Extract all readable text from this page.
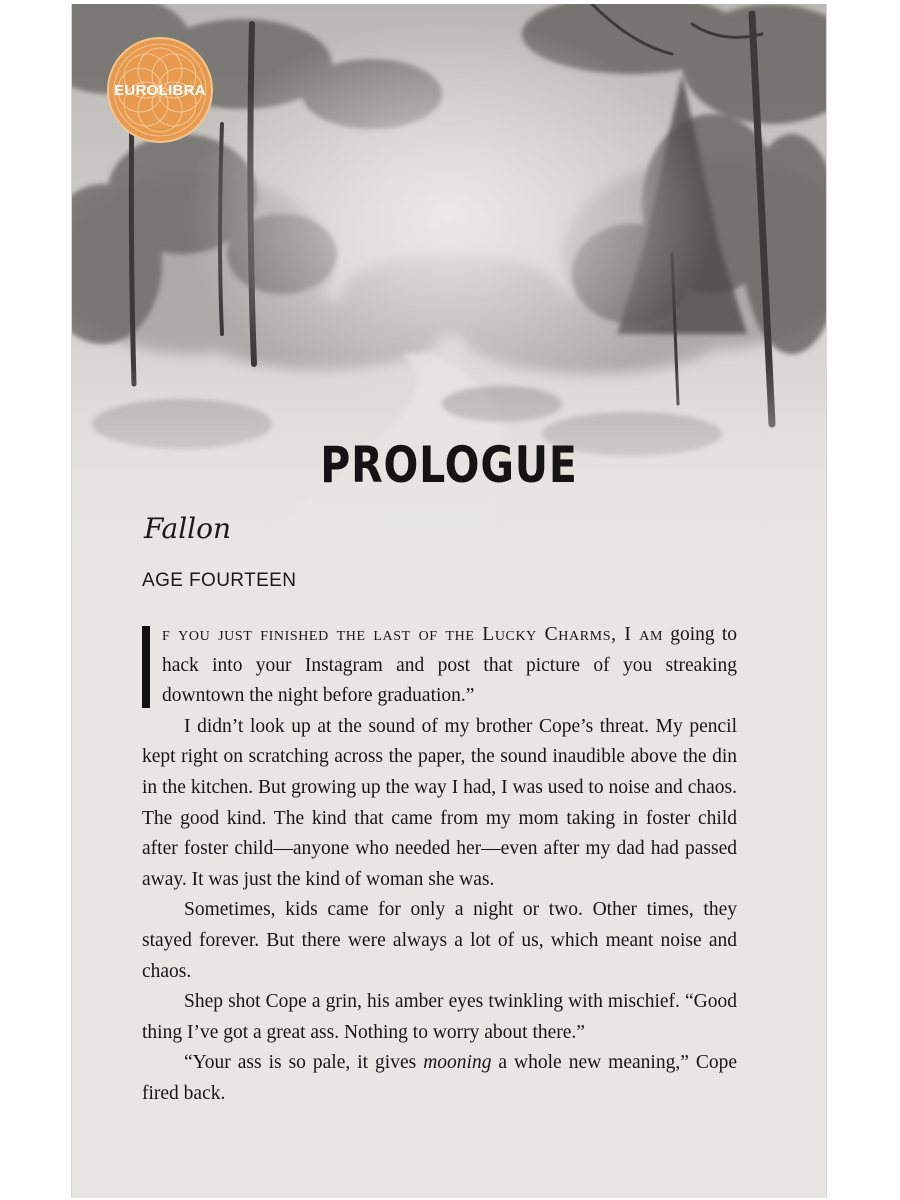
EUROLIBRA
PROLOGUE
Fallon
AGE FOURTEEN

f you just finished the last of the Lucky Charms, I am going to hack into your Instagram and post that picture of you streaking downtown the night before graduation.”

I didn’t look up at the sound of my brother Cope’s threat. My pencil kept right on scratching across the paper, the sound inaudible above the din in the kitchen. But growing up the way I had, I was used to noise and chaos. The good kind. The kind that came from my mom taking in foster child after foster child—anyone who needed her—even after my dad had passed away. It was just the kind of woman she was.

Sometimes, kids came for only a night or two. Other times, they stayed forever. But there were always a lot of us, which meant noise and chaos.

Shep shot Cope a grin, his amber eyes twinkling with mischief. “Good thing I’ve got a great ass. Nothing to worry about there.”

“Your ass is so pale, it gives mooning a whole new meaning,” Cope fired back.
